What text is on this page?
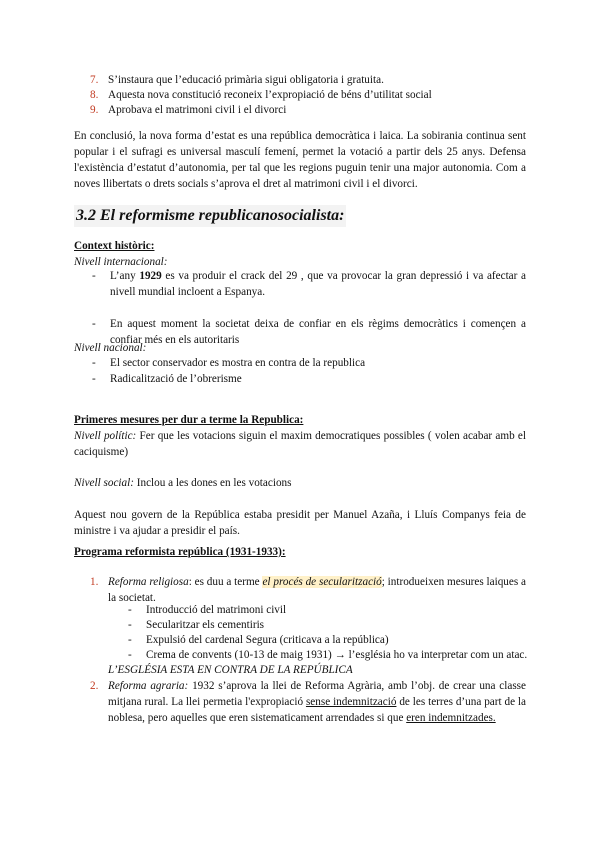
7. S’instaura que l’educació primària sigui obligatoria i gratuita.
8. Aquesta nova constitució reconeix l’expropiació de béns d’utilitat social
9. Aprobava el matrimoni civil i el divorci

En conclusió, la nova forma d’estat es una república democràtica i laica. La sobirania continua sent popular i el sufragi es universal masculí femení, permet la votació a partir dels 25 anys. Defensa l'existència d’estatut d’autonomia, per tal que les regions puguin tenir una major autonomia. Com a noves llibertats o drets socials s’aprova el dret al matrimoni civil i el divorci.

3.2 El reformisme republicanosocialista:
Context històric:
Nivell internacional:
-	L’any 1929 es va produir el crack del 29 , que va provocar la gran depressió i va afectar a nivell mundial incloent a Espanya.
-	En aquest moment la societat deixa de confiar en els règims democràtics i començen a confiar més en els autoritaris
Nivell nacional:
-	El sector conservador es mostra en contra de la republica
-	Radicalització de l’obrerisme
Primeres mesures per dur a terme la Republica:

Nivell polític: Fer que les votacions siguin el maxim democratiques possibles ( volen acabar amb el caciquisme)

Nivell social: Inclou a les dones en les votacions

Aquest nou govern de la República estaba presidit per Manuel Azaña, i Lluís Companys feia de ministre i va ajudar a presidir el país.

Programa reformista república (1931-1933):
1. Reforma religiosa: es duu a terme el procés de secularització; introdueixen mesures laiques a la societat.
-	Introducció del matrimoni civil
-	Secularitzar els cementiris
-	Expulsió del cardenal Segura (criticava a la república)
-	Crema de convents (10-13 de maig 1931) → l’església ho va interpretar com un atac.
L’ESGLÉSIA ESTA EN CONTRA DE LA REPÚBLICA
2. Reforma agraria: 1932 s’aprova la llei de Reforma Agrària, amb l’obj. de crear una classe mitjana rural. La llei permetia l'expropiació sense indemnització de les terres d’una part de la noblesa, pero aquelles que eren sistematicament arrendades si que eren indemnitzades.
